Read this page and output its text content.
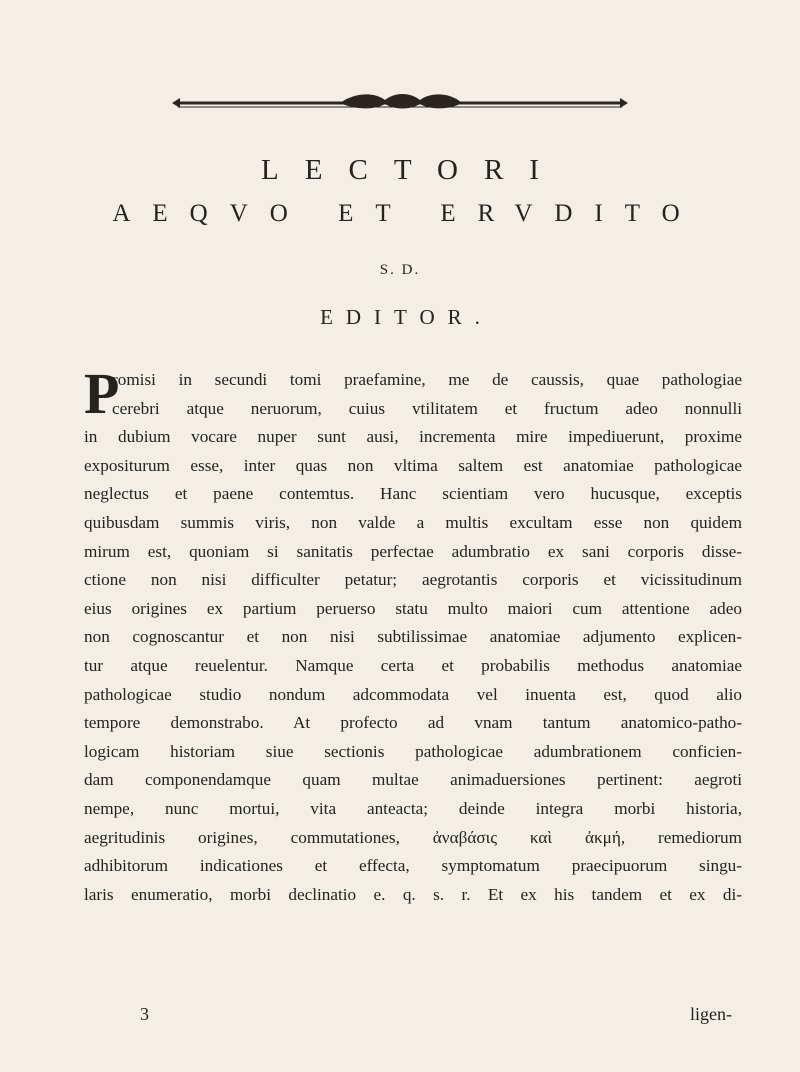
LECTORI
AEQVO ET ERVDITO
S. D.
EDITOR.
P
romisi in secundi tomi praefamine, me de caussis, quae pathologiae
cerebri atque neruorum, cuius vtilitatem et fructum adeo nonnulli
in dubium vocare nuper sunt ausi, incrementa mire impediuerunt, proxime
expositurum esse, inter quas non vltima saltem est anatomiae pathologicae
neglectus et paene contemtus. Hanc scientiam vero hucusque, exceptis
quibusdam summis viris, non valde a multis excultam esse non quidem
mirum est, quoniam si sanitatis perfectae adumbratio ex sani corporis disse-
ctione non nisi difficulter petatur; aegrotantis corporis et vicissitudinum
eius origines ex partium peruerso statu multo maiori cum attentione adeo
non cognoscantur et non nisi subtilissimae anatomiae adjumento explicen-
tur atque reuelentur. Namque certa et probabilis methodus anatomiae
pathologicae studio nondum adcommodata vel inuenta est, quod alio
tempore demonstrabo. At profecto ad vnam tantum anatomico-patho-
logicam historiam siue sectionis pathologicae adumbrationem conficien-
dam componendamque quam multae animaduersiones pertinent: aegroti
nempe, nunc mortui, vita anteacta; deinde integra morbi historia,
aegritudinis origines, commutationes, ἀναβάσις καὶ ἀκμή, remediorum
adhibitorum indicationes et effecta, symptomatum praecipuorum singu-
laris enumeratio, morbi declinatio e. q. s. r. Et ex his tandem et ex di-
3	ligen-
